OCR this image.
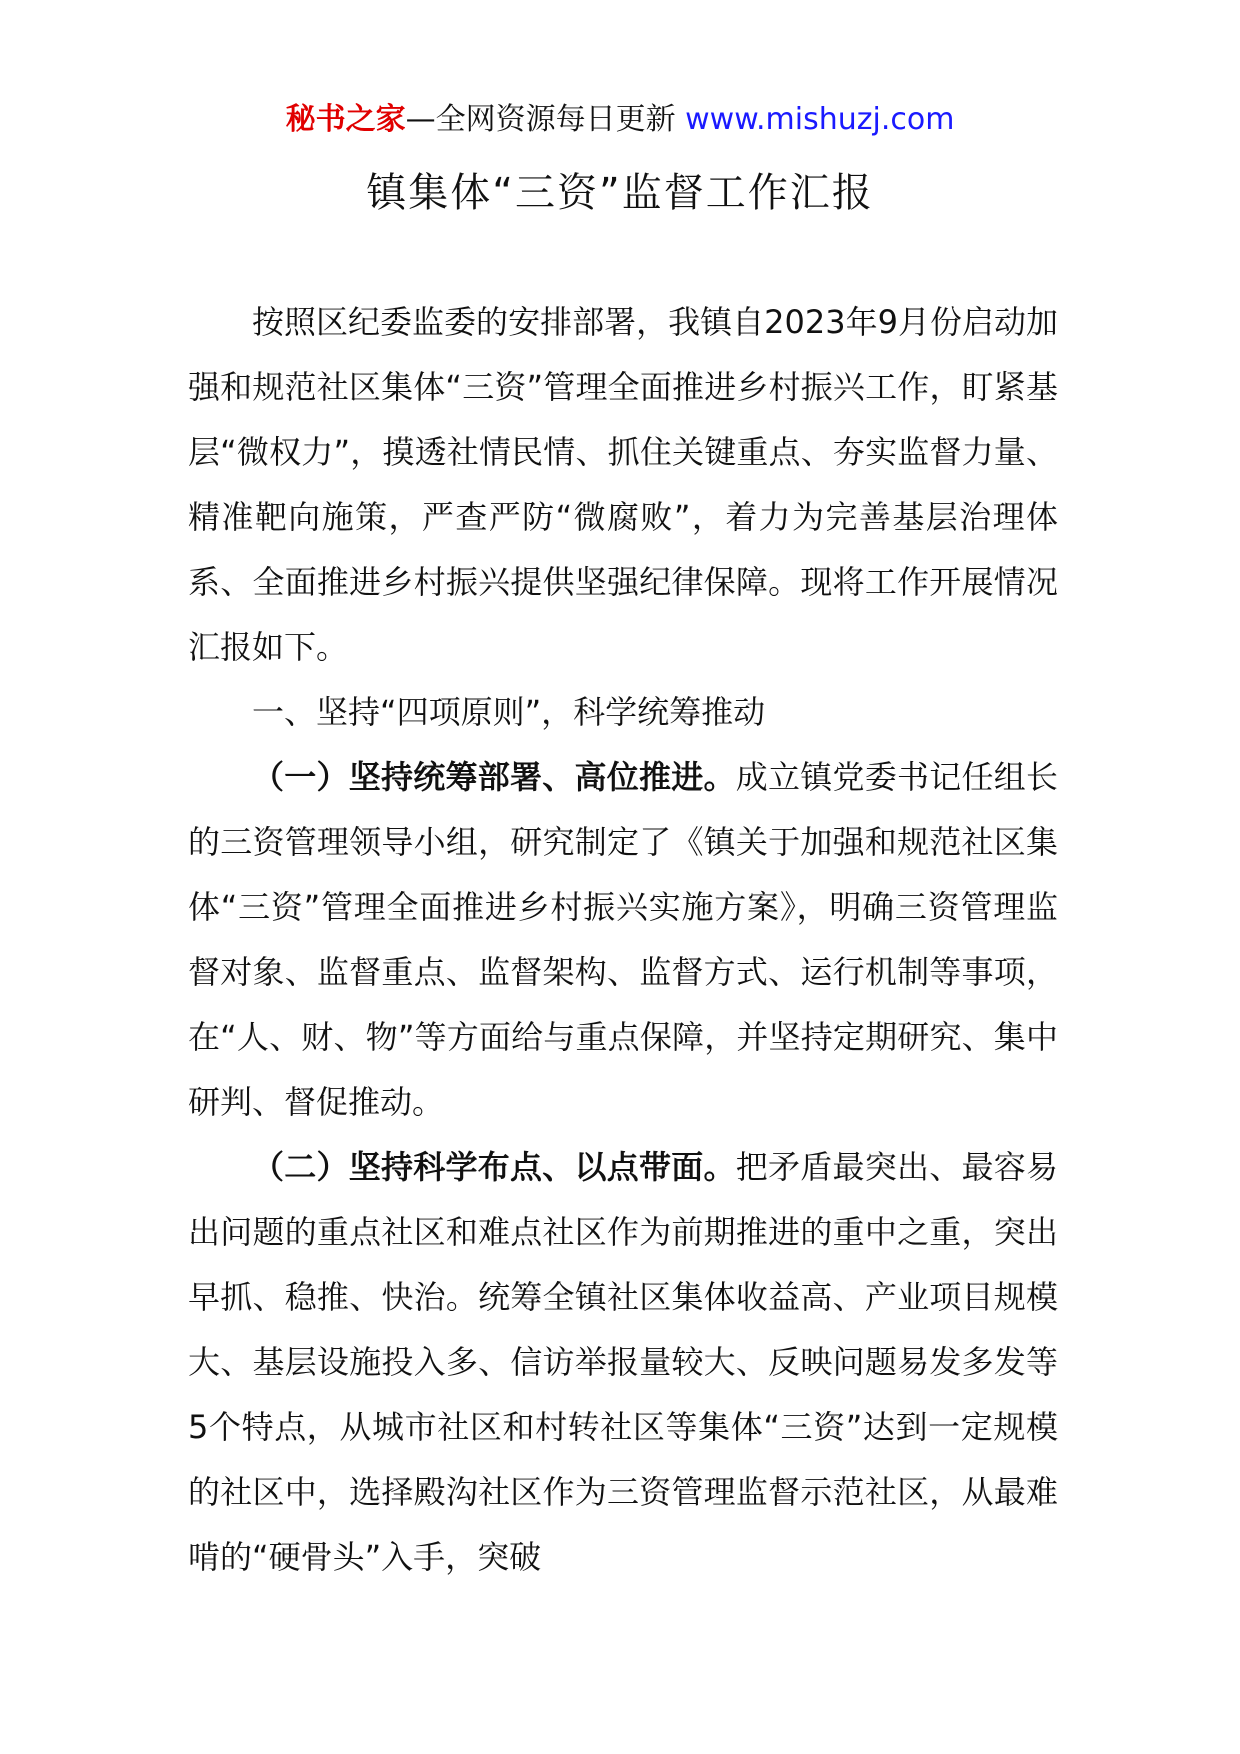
秘书之家—全网资源每日更新 www.mishuzj.com
镇集体“三资”监督工作汇报

按照区纪委监委的安排部署，我镇自2023年9月份启动加强和规范社区集体“三资”管理全面推进乡村振兴工作，盯紧基层“微权力”，摸透社情民情、抓住关键重点、夯实监督力量、精准靶向施策，严查严防“微腐败”，着力为完善基层治理体系、全面推进乡村振兴提供坚强纪律保障。现将工作开展情况汇报如下。

一、坚持“四项原则”，科学统筹推动

（一）坚持统筹部署、高位推进。成立镇党委书记任组长的三资管理领导小组，研究制定了《镇关于加强和规范社区集体“三资”管理全面推进乡村振兴实施方案》，明确三资管理监督对象、监督重点、监督架构、监督方式、运行机制等事项，在“人、财、物”等方面给与重点保障，并坚持定期研究、集中研判、督促推动。

（二）坚持科学布点、以点带面。把矛盾最突出、最容易出问题的重点社区和难点社区作为前期推进的重中之重，突出早抓、稳推、快治。统筹全镇社区集体收益高、产业项目规模大、基层设施投入多、信访举报量较大、反映问题易发多发等5个特点，从城市社区和村转社区等集体“三资”达到一定规模的社区中，选择殿沟社区作为三资管理监督示范社区，从最难啃的“硬骨头”入手，突破
